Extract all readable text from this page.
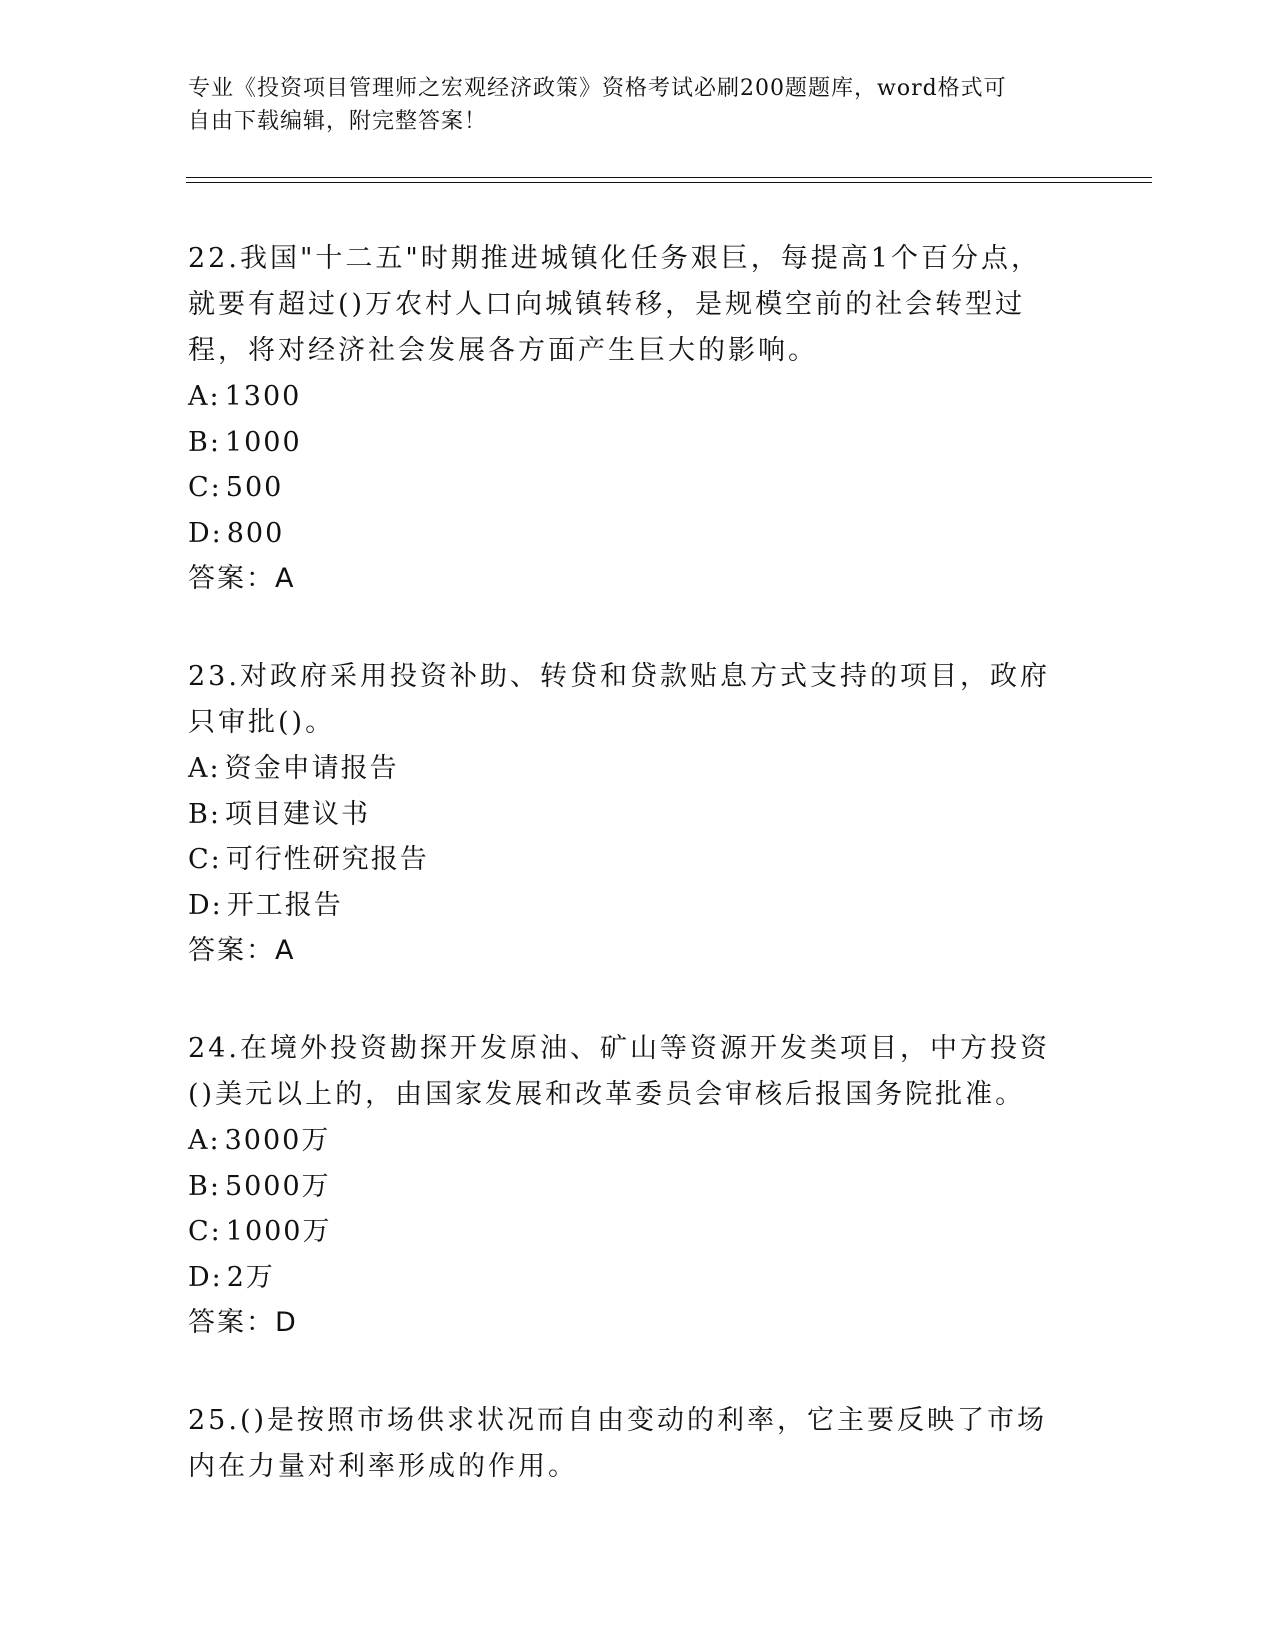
专业《投资项目管理师之宏观经济政策》资格考试必刷200题题库，word格式可
自由下载编辑，附完整答案！
22.我国"十二五"时期推进城镇化任务艰巨，每提高1个百分点，就要有超过()万农村人口向城镇转移，是规模空前的社会转型过程，将对经济社会发展各方面产生巨大的影响。
A: 1300
B: 1000
C: 500
D: 800
答案：A
23.对政府采用投资补助、转贷和贷款贴息方式支持的项目，政府只审批()。
A: 资金申请报告
B: 项目建议书
C: 可行性研究报告
D: 开工报告
答案：A
24.在境外投资勘探开发原油、矿山等资源开发类项目，中方投资()美元以上的，由国家发展和改革委员会审核后报国务院批准。
A: 3000万
B: 5000万
C: 1000万
D: 2万
答案：D
25.()是按照市场供求状况而自由变动的利率，它主要反映了市场内在力量对利率形成的作用。
